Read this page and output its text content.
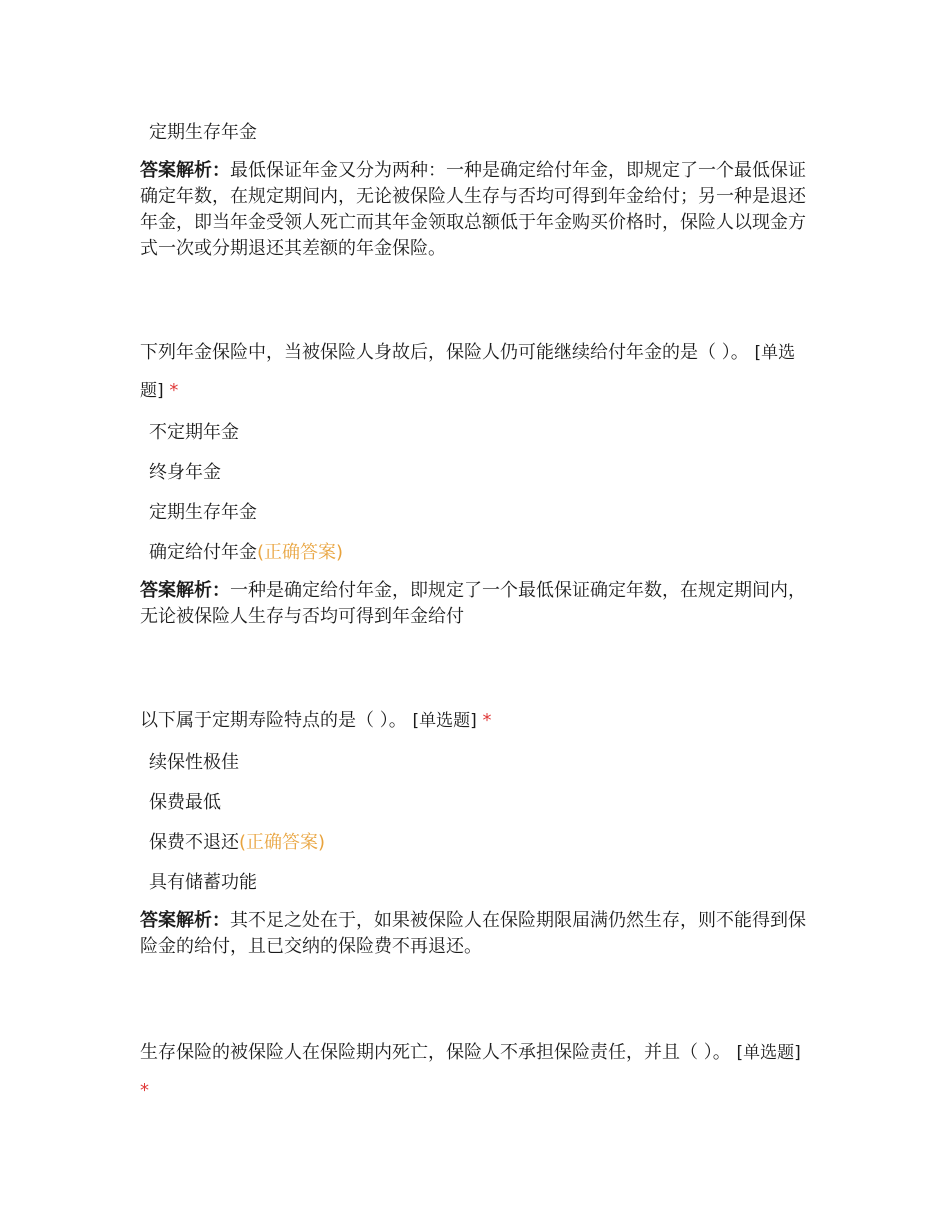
定期生存年金
答案解析：最低保证年金又分为两种：一种是确定给付年金，即规定了一个最低保证确定年数，在规定期间内，无论被保险人生存与否均可得到年金给付；另一种是退还年金，即当年金受领人死亡而其年金领取总额低于年金购买价格时，保险人以现金方式一次或分期退还其差额的年金保险。
下列年金保险中，当被保险人身故后，保险人仍可能继续给付年金的是（ ）。 [单选题] *
不定期年金
终身年金
定期生存年金
确定给付年金(正确答案)
答案解析：一种是确定给付年金，即规定了一个最低保证确定年数，在规定期间内，无论被保险人生存与否均可得到年金给付
以下属于定期寿险特点的是（ ）。 [单选题] *
续保性极佳
保费最低
保费不退还(正确答案)
具有储蓄功能
答案解析：其不足之处在于，如果被保险人在保险期限届满仍然生存，则不能得到保险金的给付，且已交纳的保险费不再退还。
生存保险的被保险人在保险期内死亡，保险人不承担保险责任，并且（ ）。 [单选题] *
